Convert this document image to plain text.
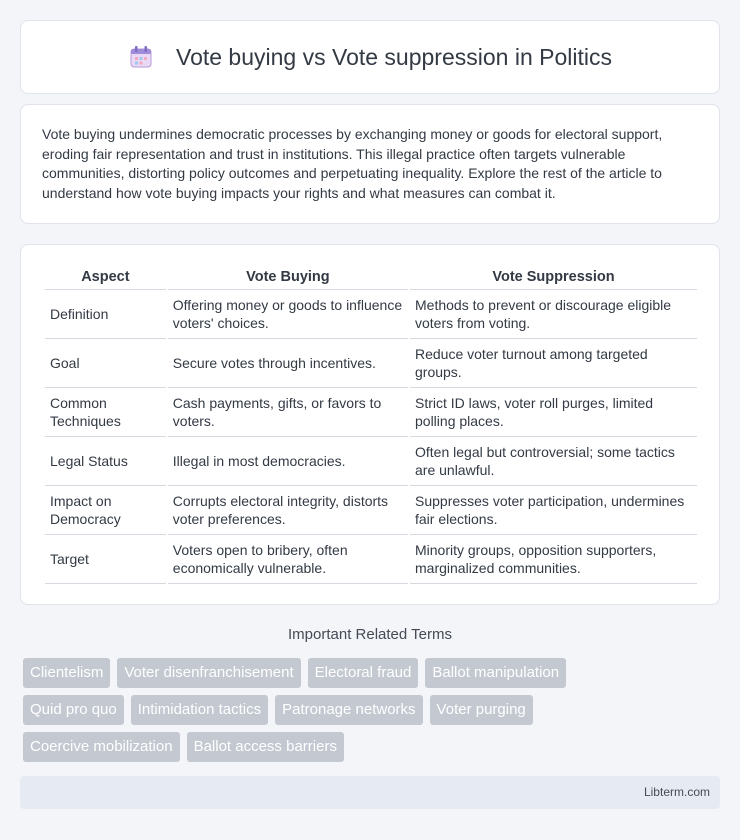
Vote buying vs Vote suppression in Politics

Vote buying undermines democratic processes by exchanging money or goods for electoral support, eroding fair representation and trust in institutions. This illegal practice often targets vulnerable communities, distorting policy outcomes and perpetuating inequality. Explore the rest of the article to understand how vote buying impacts your rights and what measures can combat it.

Aspect	Vote Buying	Vote Suppression
Definition	Offering money or goods to influence voters' choices.	Methods to prevent or discourage eligible voters from voting.
Goal	Secure votes through incentives.	Reduce voter turnout among targeted groups.
Common Techniques	Cash payments, gifts, or favors to voters.	Strict ID laws, voter roll purges, limited polling places.
Legal Status	Illegal in most democracies.	Often legal but controversial; some tactics are unlawful.
Impact on Democracy	Corrupts electoral integrity, distorts voter preferences.	Suppresses voter participation, undermines fair elections.
Target	Voters open to bribery, often economically vulnerable.	Minority groups, opposition supporters, marginalized communities.
Important Related Terms
Clientelism	Voter disenfranchisement	Electoral fraud	Ballot manipulation
Quid pro quo	Intimidation tactics	Patronage networks	Voter purging
Coercive mobilization	Ballot access barriers
Libterm.com
